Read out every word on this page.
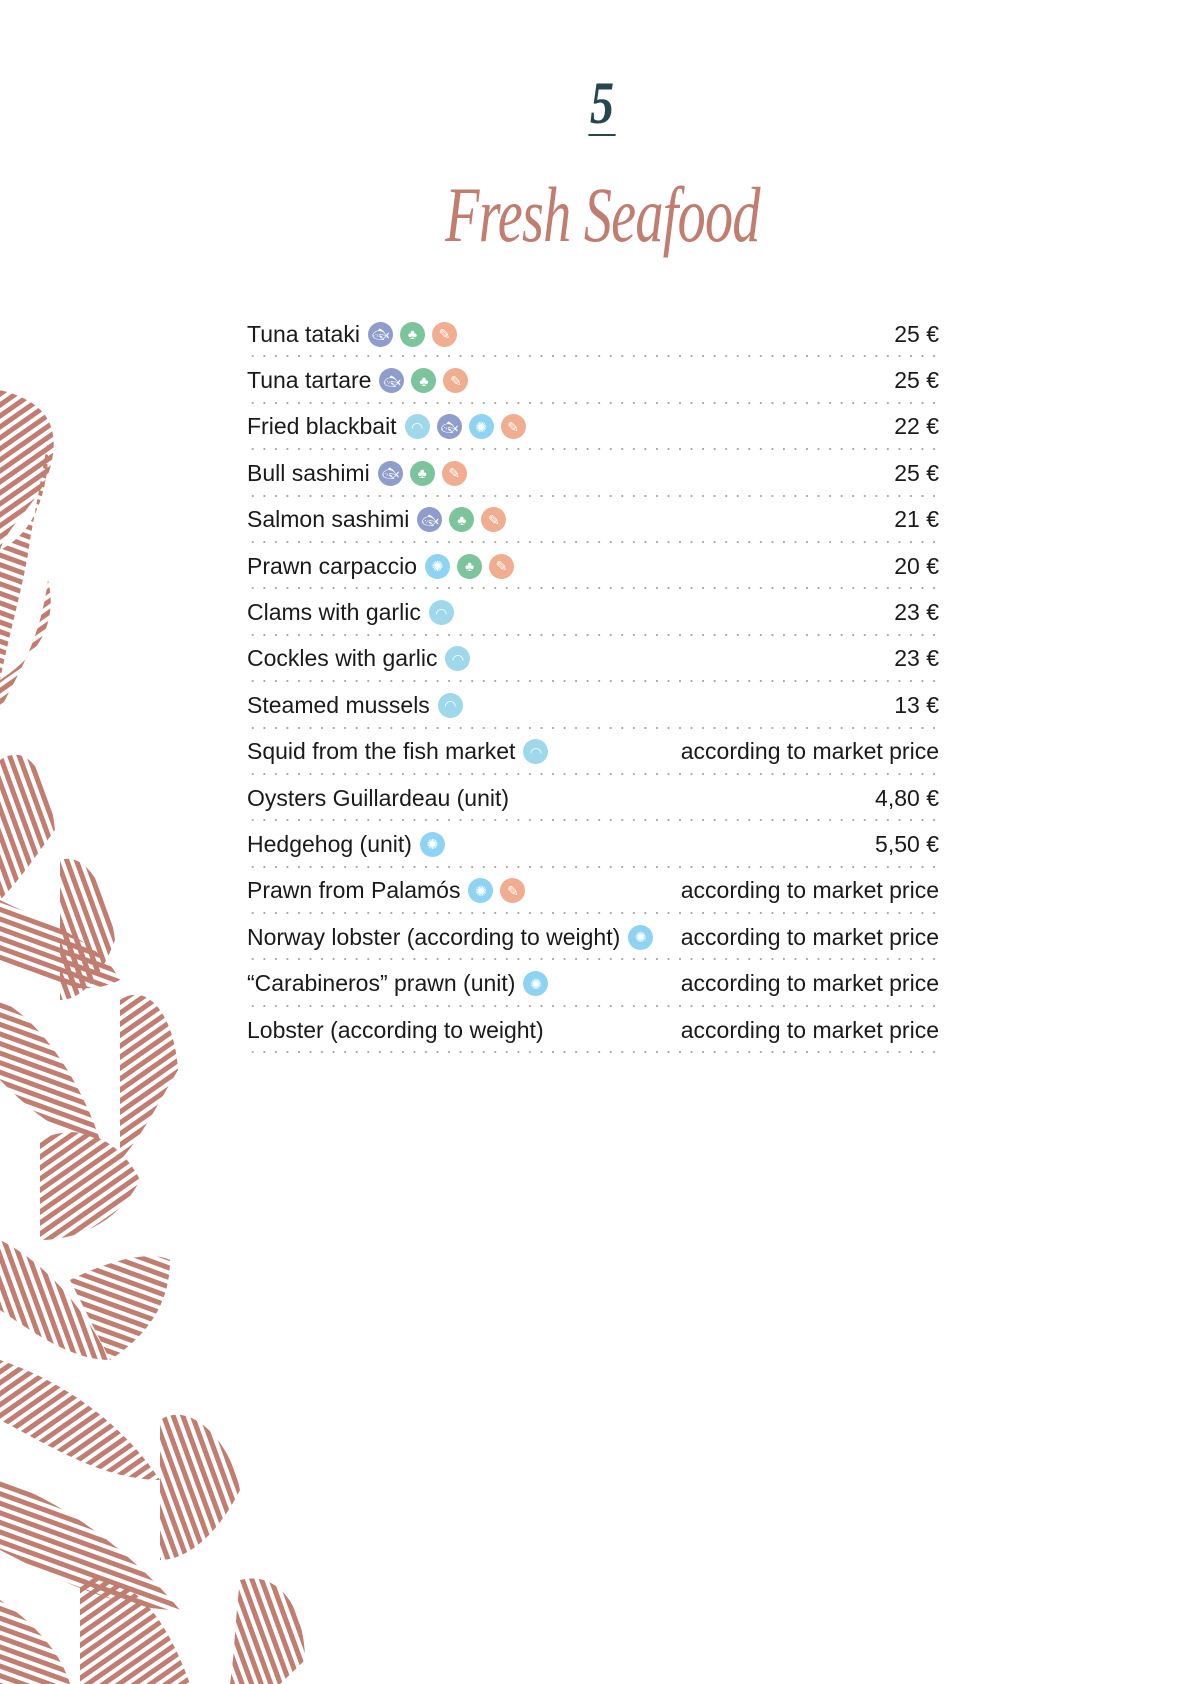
5
Fresh Seafood
Tuna tataki 🐟︎	♣	✎	25 €
Tuna tartare 🐟︎	♣	✎	25 €
Fried blackbait	◠	🐟︎	✺	✎	22 €
Bull sashimi 🐟︎	♣	✎	25 €
Salmon sashimi 🐟︎	♣	✎	21 €
Prawn carpaccio	✺	♣	✎	20 €
Clams with garlic	◠	23 €
Cockles with garlic	◠	23 €
Steamed mussels	◠	13 €
Squid from the fish market	◠	according to market price
Oysters Guillardeau (unit)	4,80 €
Hedgehog (unit)	✺	5,50 €
Prawn from Palamós	✺	✎	according to market price
Norway lobster (according to weight)	✺ according to market price
“Carabineros” prawn (unit)	✺	according to market price
Lobster (according to weight)	according to market price
